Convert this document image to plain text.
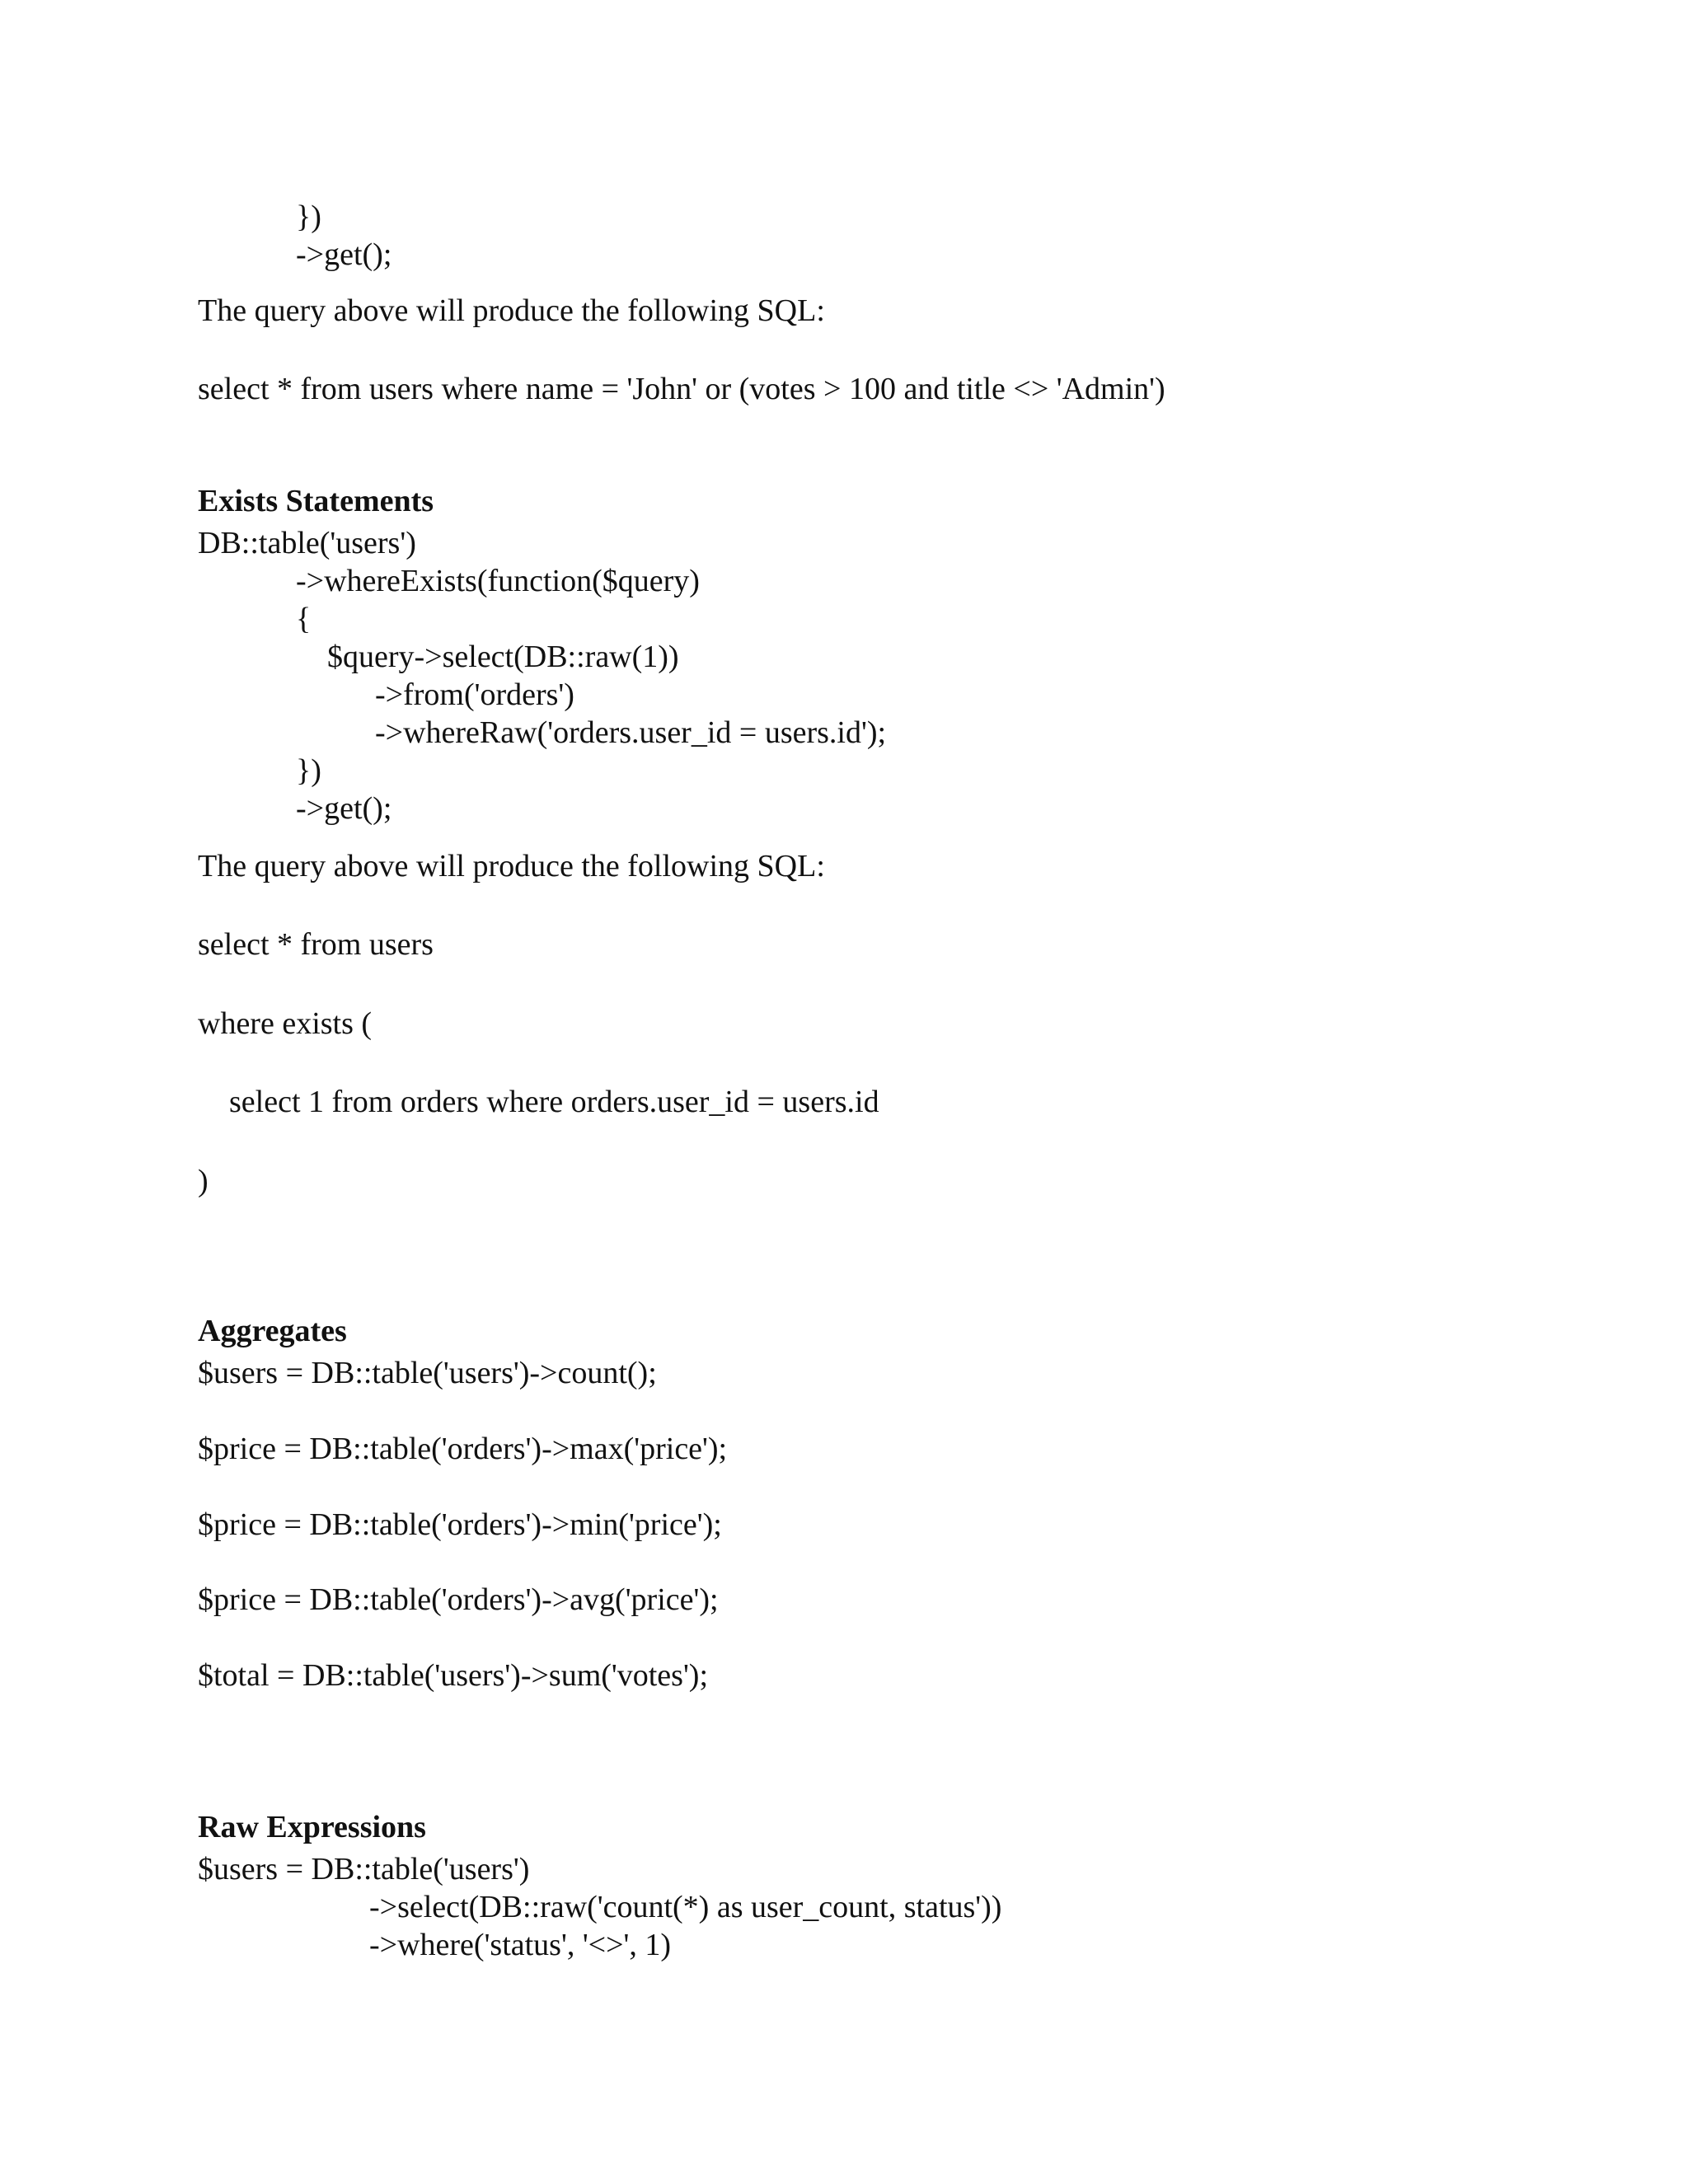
})
->get();
The query above will produce the following SQL:
select * from users where name = 'John' or (votes > 100 and title <> 'Admin')
Exists Statements
DB::table('users')
->whereExists(function($query)
{
$query->select(DB::raw(1))
->from('orders')
->whereRaw('orders.user_id = users.id');
})
->get();
The query above will produce the following SQL:
select * from users
where exists (
select 1 from orders where orders.user_id = users.id
)
Aggregates
$users = DB::table('users')->count();
$price = DB::table('orders')->max('price');
$price = DB::table('orders')->min('price');
$price = DB::table('orders')->avg('price');
$total = DB::table('users')->sum('votes');
Raw Expressions
$users = DB::table('users')
->select(DB::raw('count(*) as user_count, status'))
->where('status', '<>', 1)
